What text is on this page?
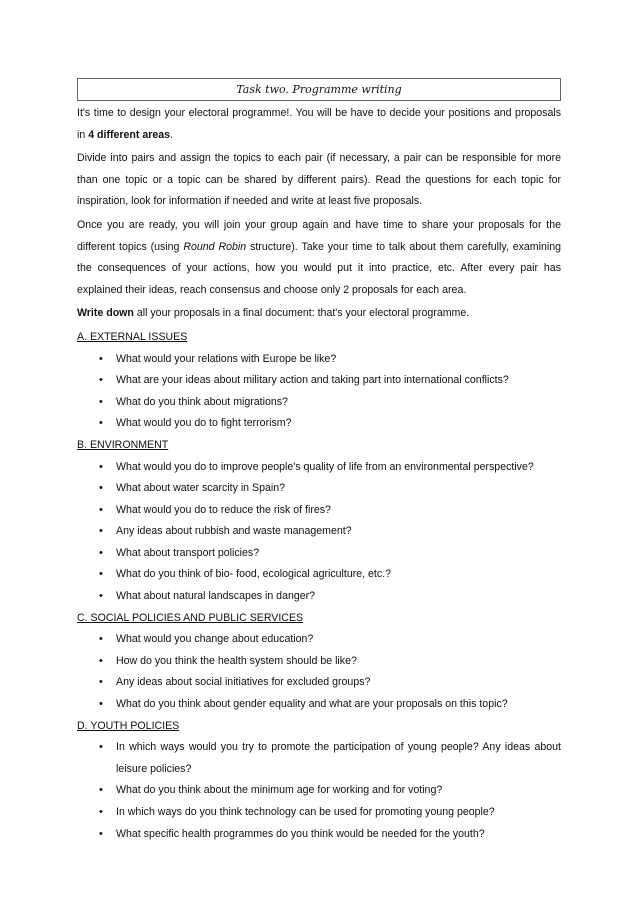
Task two. Programme writing

It's time to design your electoral programme!. You will be have to decide your positions and proposals in 4 different areas.

Divide into pairs and assign the topics to each pair (if necessary, a pair can be responsible for more than one topic or a topic can be shared by different pairs). Read the questions for each topic for inspiration, look for information if needed and write at least five proposals.

Once you are ready, you will join your group again and have time to share your proposals for the different topics (using Round Robin structure). Take your time to talk about them carefully, examining the consequences of your actions, how you would put it into practice, etc. After every pair has explained their ideas, reach consensus and choose only 2 proposals for each area.

Write down all your proposals in a final document: that's your electoral programme.

A. EXTERNAL ISSUES
• What would your relations with Europe be like?
• What are your ideas about military action and taking part into international conflicts?
• What do you think about migrations?
• What would you do to fight terrorism?
B. ENVIRONMENT
• What would you do to improve people's quality of life from an environmental perspective?
• What about water scarcity in Spain?
• What would you do to reduce the risk of fires?
• Any ideas about rubbish and waste management?
• What about transport policies?
• What do you think of bio- food, ecological agriculture, etc.?
• What about natural landscapes in danger?
C. SOCIAL POLICIES AND PUBLIC SERVICES
• What would you change about education?
• How do you think the health system should be like?
• Any ideas about social initiatives for excluded groups?
• What do you think about gender equality and what are your proposals on this topic?
D. YOUTH POLICIES
• In which ways would you try to promote the participation of young people? Any ideas about leisure policies?
• What do you think about the minimum age for working and for voting?
• In which ways do you think technology can be used for promoting young people?
• What specific health programmes do you think would be needed for the youth?
